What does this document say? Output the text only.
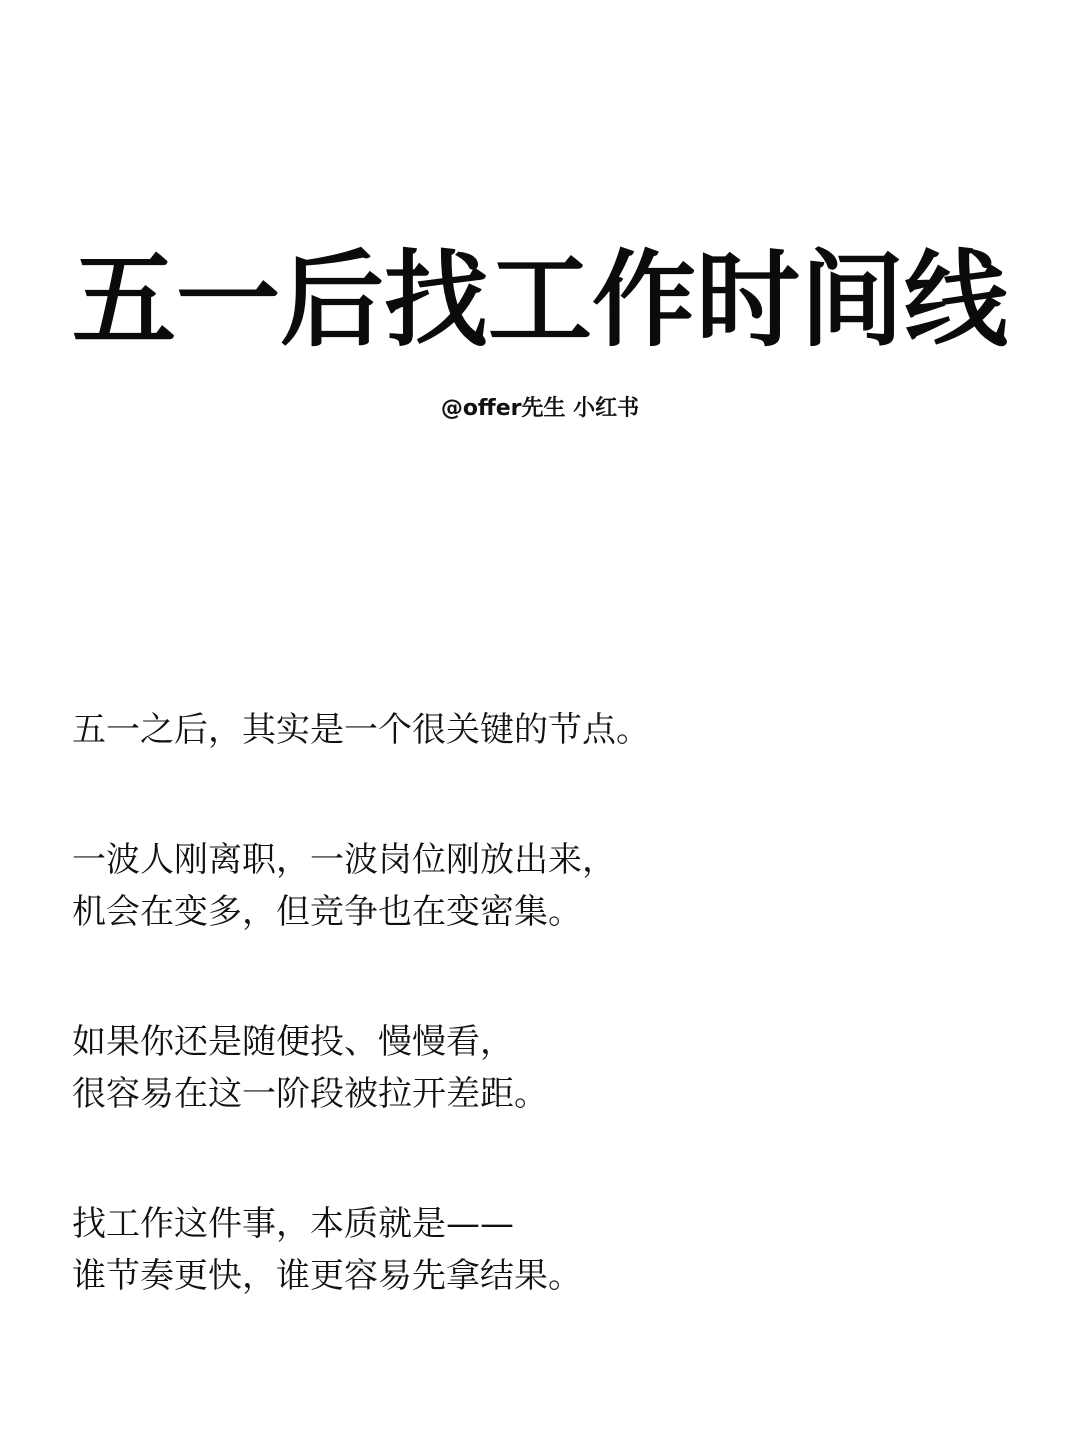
五一后找工作时间线
@offer先生 小红书
五一之后，其实是一个很关键的节点。
一波人刚离职，一波岗位刚放出来，
机会在变多，但竞争也在变密集。
如果你还是随便投、慢慢看，
很容易在这一阶段被拉开差距。
找工作这件事，本质就是——
谁节奏更快，谁更容易先拿结果。
